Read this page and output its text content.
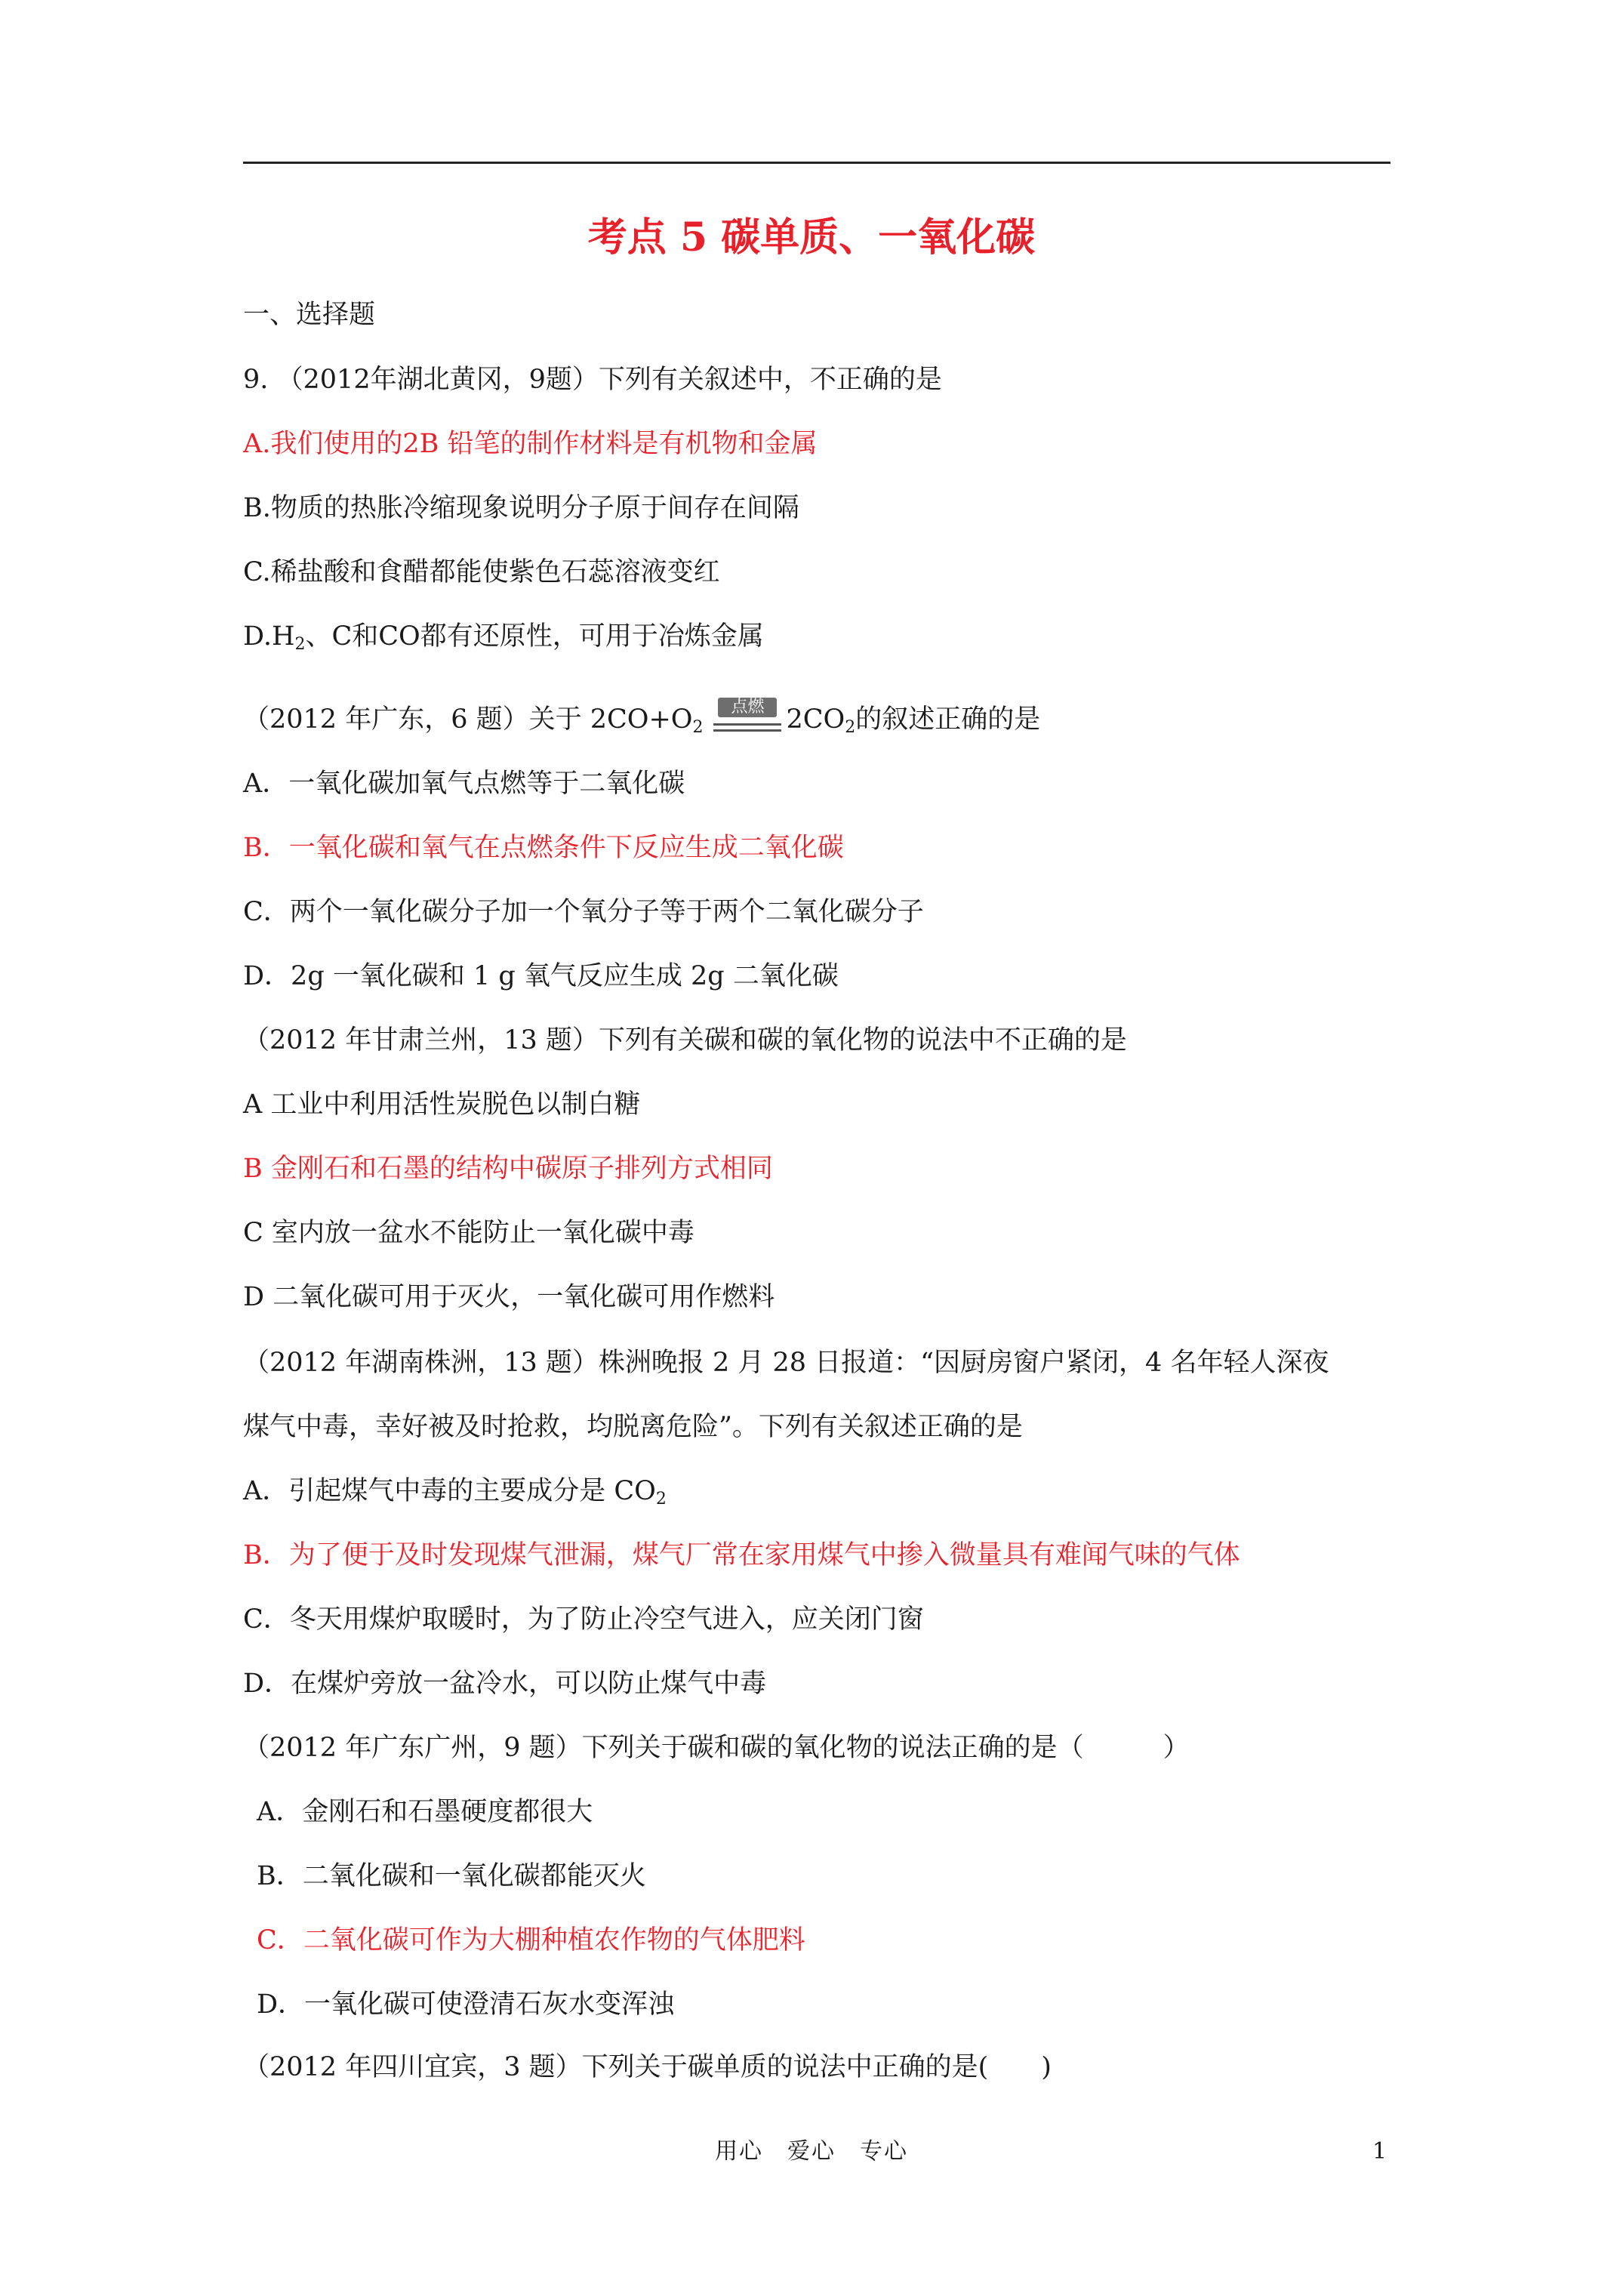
考点 5 碳单质、一氧化碳
一、选择题
9. （2012年湖北黄冈，9题）下列有关叙述中，不正确的是
A.我们使用的2B 铅笔的制作材料是有机物和金属
B.物质的热胀冷缩现象说明分子原于间存在间隔
C.稀盐酸和食醋都能使紫色石蕊溶液变红
$D.H_2$、C和CO都有还原性，可用于冶炼金属
（2012 年广东，6 题）关于 $2CO+O_2$
点燃 $2CO_2$的叙述正确的是
A．一氧化碳加氧气点燃等于二氧化碳
B．一氧化碳和氧气在点燃条件下反应生成二氧化碳
C．两个一氧化碳分子加一个氧分子等于两个二氧化碳分子
D．2g 一氧化碳和 1 g 氧气反应生成 2g 二氧化碳
（2012 年甘肃兰州，13 题）下列有关碳和碳的氧化物的说法中不正确的是
A 工业中利用活性炭脱色以制白糖
B 金刚石和石墨的结构中碳原子排列方式相同
C 室内放一盆水不能防止一氧化碳中毒
D 二氧化碳可用于灭火，一氧化碳可用作燃料
（2012 年湖南株洲，13 题）株洲晚报 2 月 28 日报道：“因厨房窗户紧闭，4 名年轻人深夜
煤气中毒，幸好被及时抢救，均脱离危险”。下列有关叙述正确的是
A．引起煤气中毒的主要成分是 $CO_2$
B．为了便于及时发现煤气泄漏，煤气厂常在家用煤气中掺入微量具有难闻气味的气体
C．冬天用煤炉取暖时，为了防止冷空气进入，应关闭门窗
D．在煤炉旁放一盆冷水，可以防止煤气中毒
（2012 年广东广州，9 题）下列关于碳和碳的氧化物的说法正确的是（　　　）
A．金刚石和石墨硬度都很大
B．二氧化碳和一氧化碳都能灭火
C．二氧化碳可作为大棚种植农作物的气体肥料
D．一氧化碳可使澄清石灰水变浑浊
（2012 年四川宜宾，3 题）下列关于碳单质的说法中正确的是(　　)
用心　爱心　专心	1
